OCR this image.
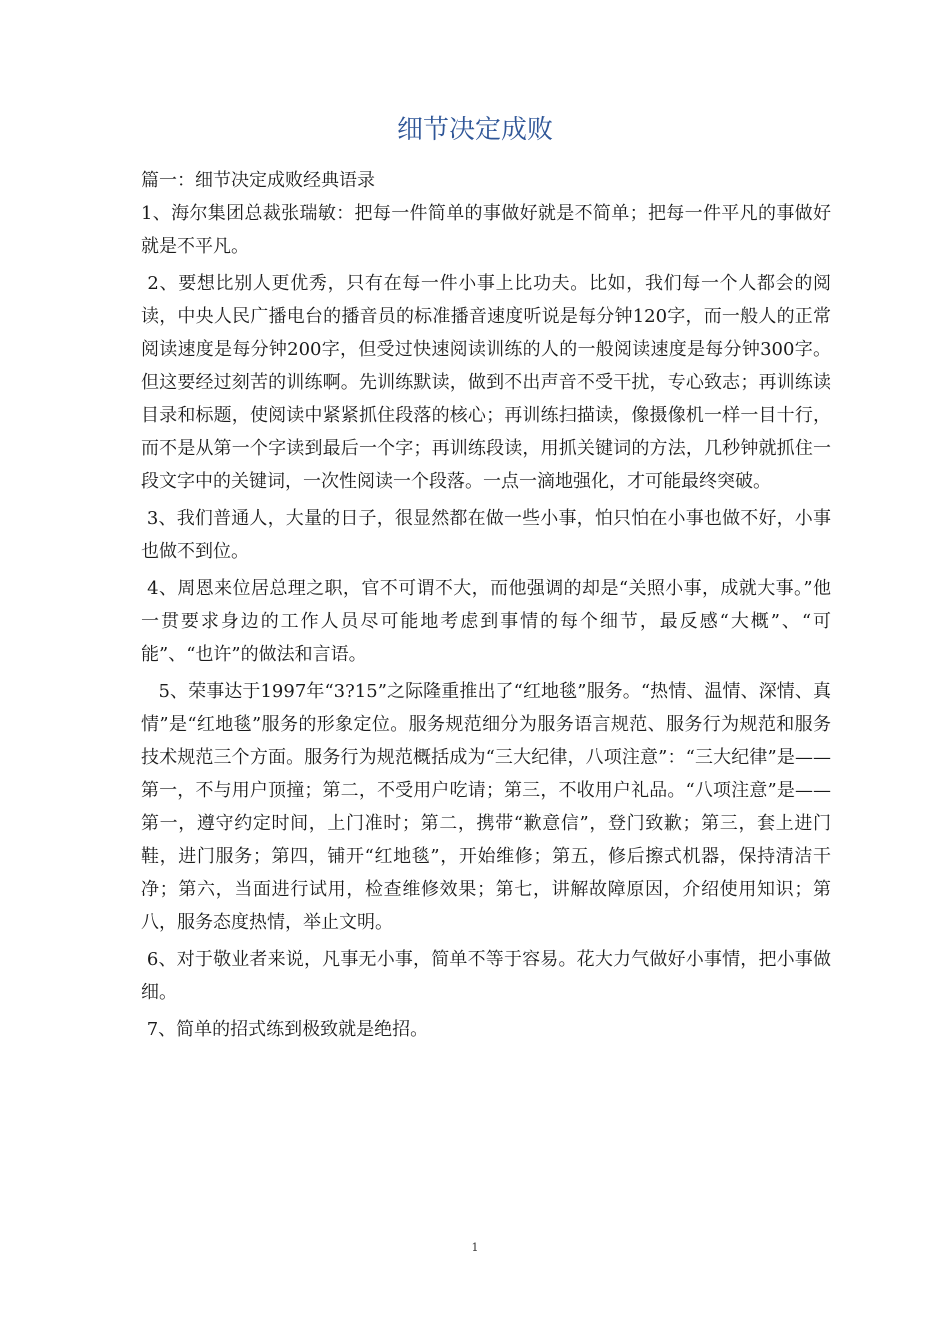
细节决定成败

篇一：细节决定成败经典语录

1、海尔集团总裁张瑞敏：把每一件简单的事做好就是不简单；把每一件平凡的事做好就是不平凡。

2、要想比别人更优秀，只有在每一件小事上比功夫。比如，我们每一个人都会的阅读，中央人民广播电台的播音员的标准播音速度听说是每分钟120字，而一般人的正常阅读速度是每分钟200字，但受过快速阅读训练的人的一般阅读速度是每分钟300字。但这要经过刻苦的训练啊。先训练默读，做到不出声音不受干扰，专心致志；再训练读目录和标题，使阅读中紧紧抓住段落的核心；再训练扫描读，像摄像机一样一目十行，而不是从第一个字读到最后一个字；再训练段读，用抓关键词的方法，几秒钟就抓住一段文字中的关键词，一次性阅读一个段落。一点一滴地强化，才可能最终突破。

3、我们普通人，大量的日子，很显然都在做一些小事，怕只怕在小事也做不好，小事也做不到位。

4、周恩来位居总理之职，官不可谓不大，而他强调的却是“关照小事，成就大事。”他一贯要求身边的工作人员尽可能地考虑到事情的每个细节，最反感“大概”、“可能”、“也许”的做法和言语。

5、荣事达于1997年“3?15”之际隆重推出了“红地毯”服务。“热情、温情、深情、真情”是“红地毯”服务的形象定位。服务规范细分为服务语言规范、服务行为规范和服务技术规范三个方面。服务行为规范概括成为“三大纪律，八项注意”：“三大纪律”是——第一，不与用户顶撞；第二，不受用户吃请；第三，不收用户礼品。“八项注意”是——第一，遵守约定时间，上门准时；第二，携带“歉意信”，登门致歉；第三，套上进门鞋，进门服务；第四，铺开“红地毯”，开始维修；第五，修后擦式机器，保持清洁干净；第六，当面进行试用，检查维修效果；第七，讲解故障原因，介绍使用知识；第八，服务态度热情，举止文明。

6、对于敬业者来说，凡事无小事，简单不等于容易。花大力气做好小事情，把小事做细。

7、简单的招式练到极致就是绝招。

1
